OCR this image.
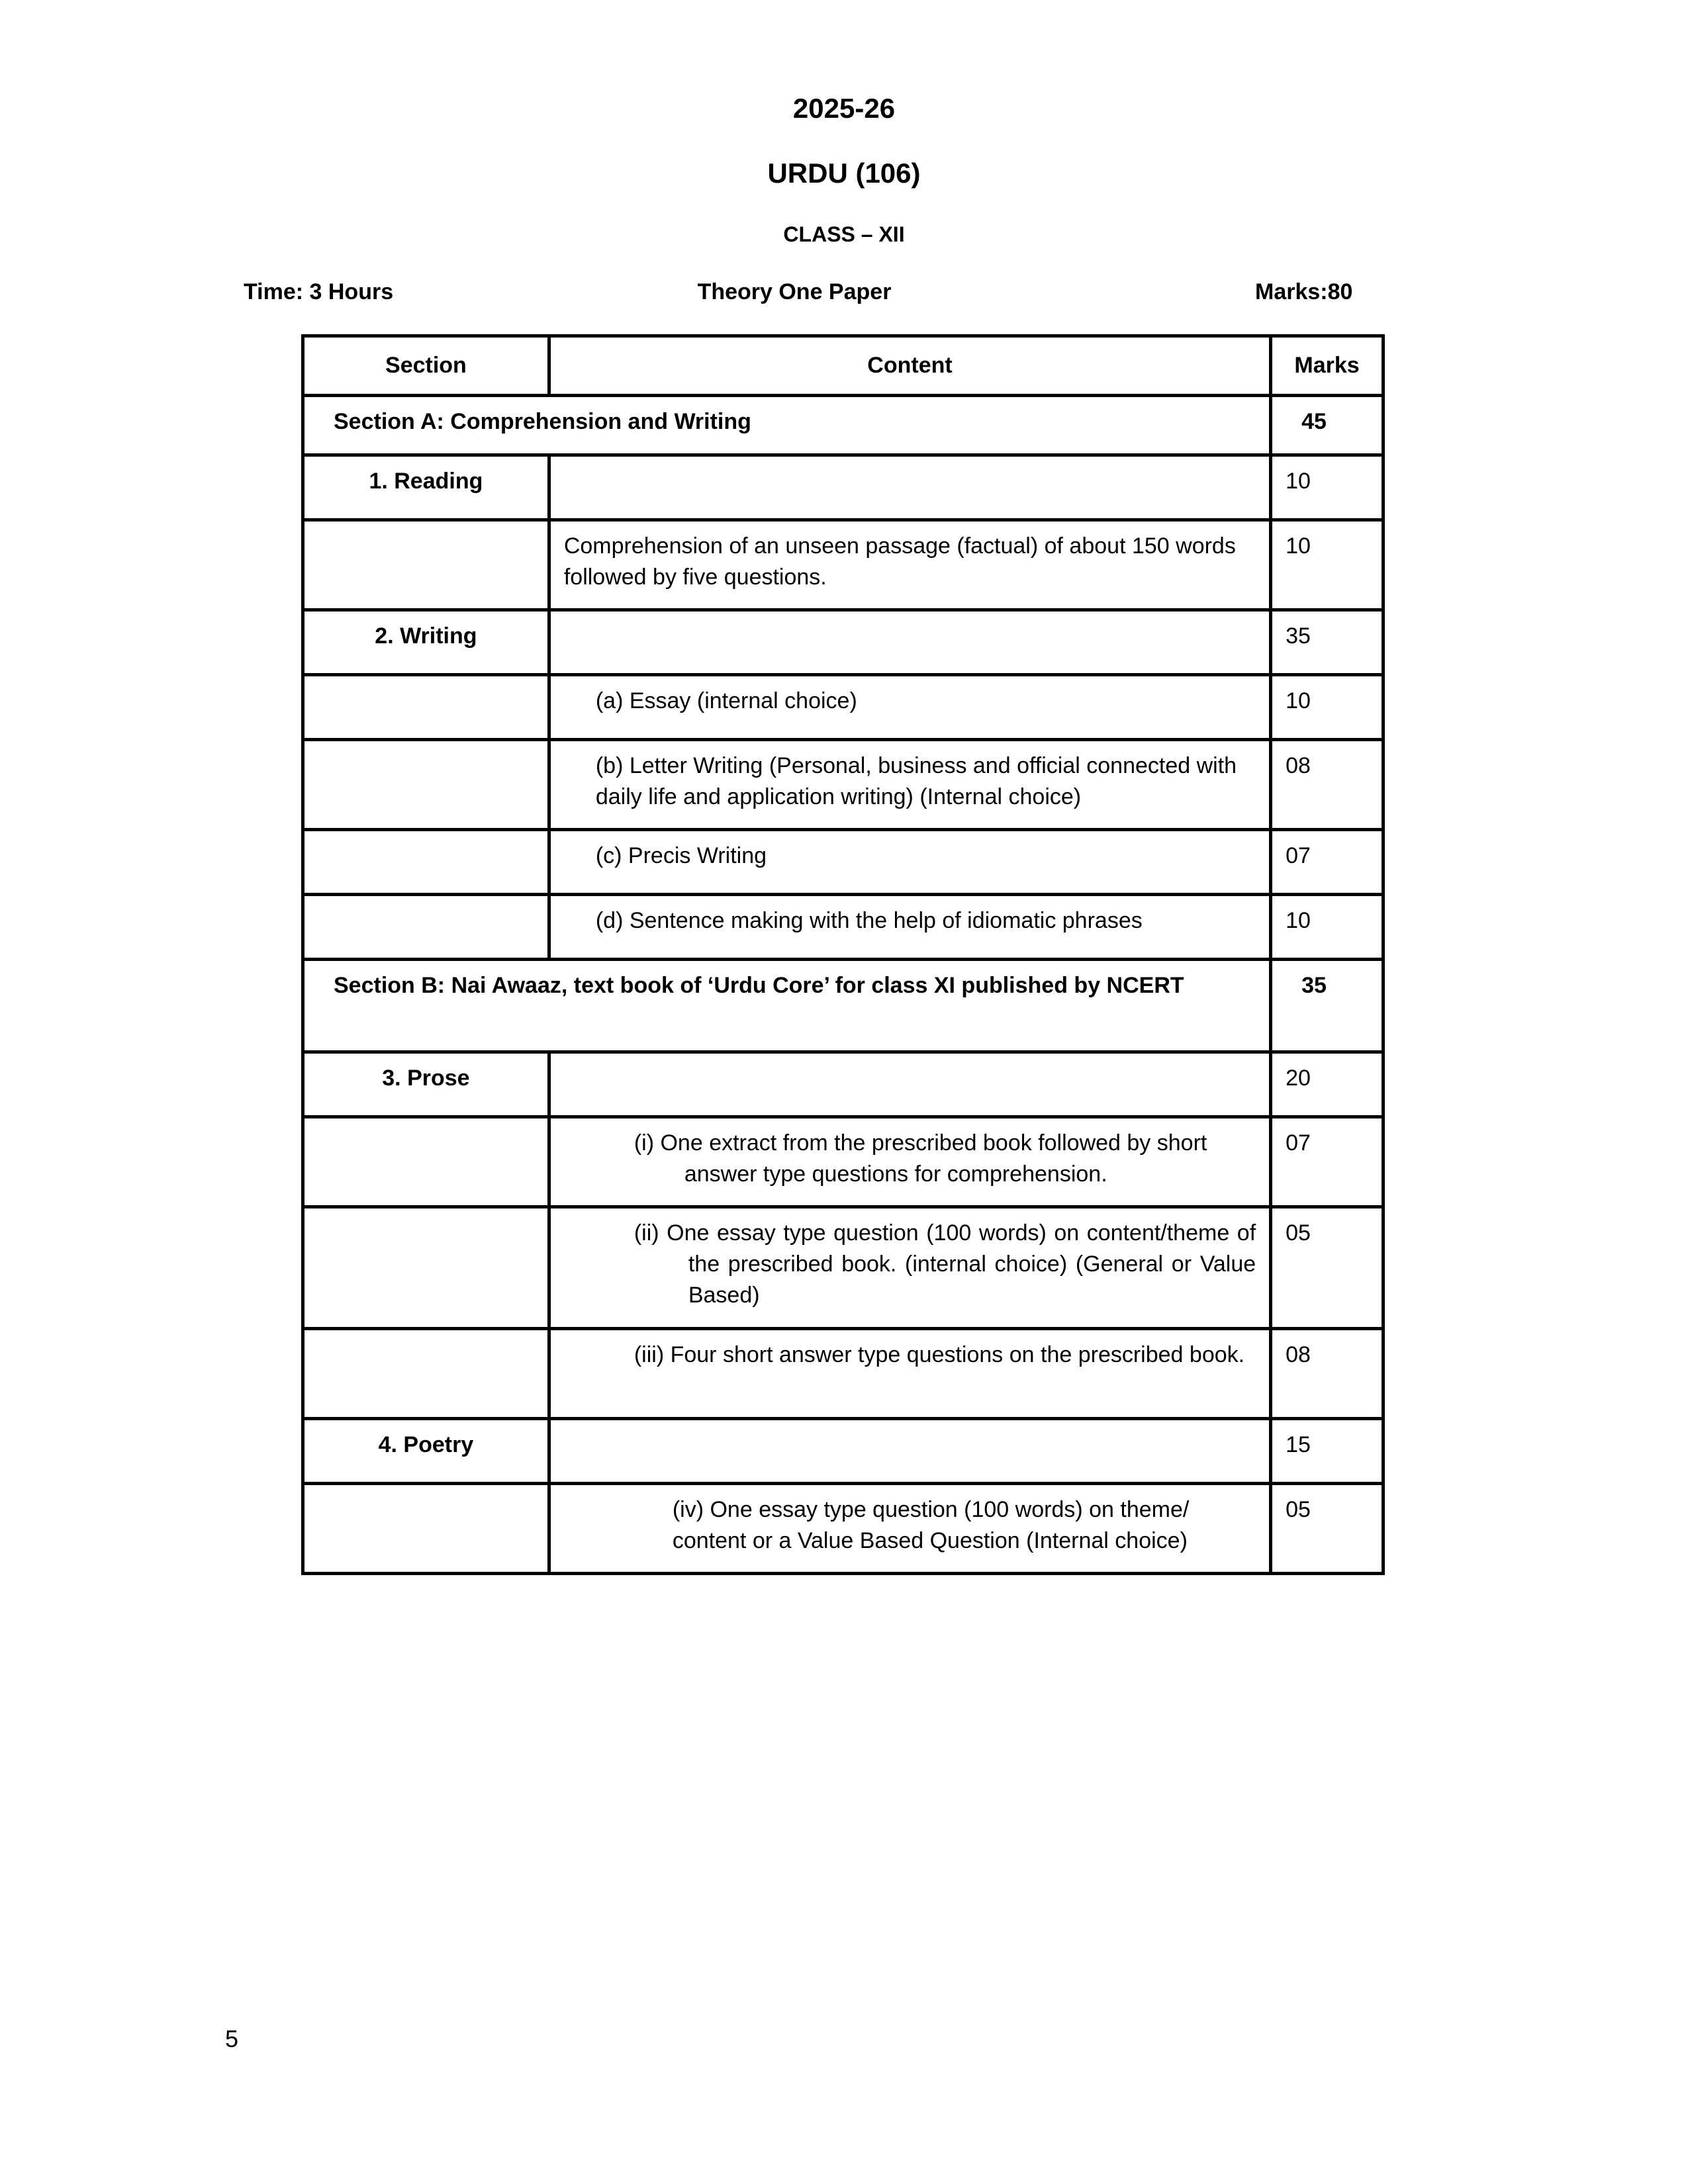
2025-26
URDU (106)
CLASS – XII
Time: 3 Hours	Theory One Paper	Marks:80
Section	Content	Marks
Section A: Comprehension and Writing		45
1. Reading		10
	Comprehension of an unseen passage (factual) of about 150 words followed by five questions.	10
2. Writing		35
	(a) Essay (internal choice)	10
	(b) Letter Writing (Personal, business and official connected with daily life and application writing) (Internal choice)	08
	(c) Precis Writing	07
	(d) Sentence making with the help of idiomatic phrases	10
Section B: Nai Awaaz, text book of ‘Urdu Core’ for class XI published by NCERT		35
3. Prose		20

	(i) One extract from the prescribed book followed by short answer type questions for comprehension.	07

	(ii) One essay type question (100 words) on content/theme of the prescribed book. (internal choice) (General or Value Based)	05

	(iii) Four short answer type questions on the prescribed book.	08
4. Poetry		15
	(iv) One essay type question (100 words) on theme/ content or a Value Based Question (Internal choice)	05
5
